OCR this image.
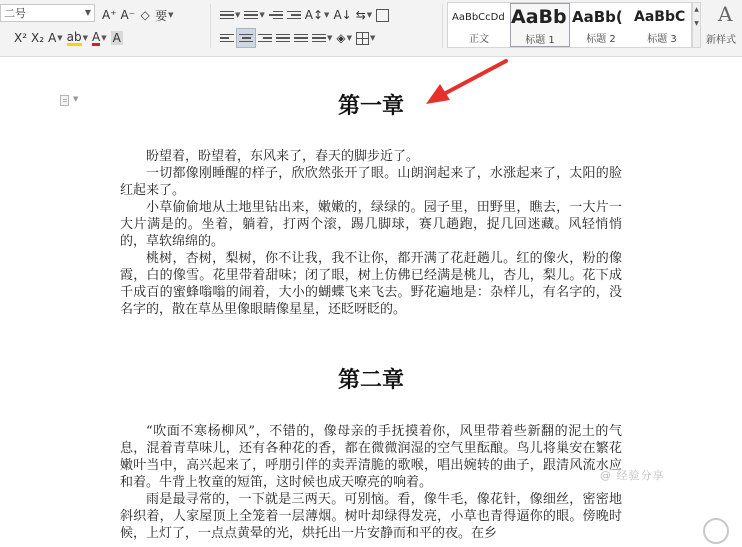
二号	▼ A⁺ A⁻ ◇ 要 ▼
X² X₂ A ▼ ab ▼ A ▼ A
▼	▼	A↕ ▼ A↓ ⇆ ▼
▼ ◈ ▼	▼
AaBbCcDd
正文
AaBb
标题 1
AaBb(
标题 2
AaBbC
标题 3
▲
▼ A
新样式
▼	第一章

盼望着，盼望着，东风来了，春天的脚步近了。

一切都像刚睡醒的样子，欣欣然张开了眼。山朗润起来了，水涨起来了，太阳的脸红起来了。

小草偷偷地从土地里钻出来，嫩嫩的，绿绿的。园子里，田野里，瞧去，一大片一大片满是的。坐着，躺着，打两个滚，踢几脚球，赛几趟跑，捉几回迷藏。风轻悄悄的，草软绵绵的。

桃树，杏树，梨树，你不让我，我不让你，都开满了花赶趟儿。红的像火，粉的像霞，白的像雪。花里带着甜味；闭了眼，树上仿佛已经满是桃儿，杏儿，梨儿。花下成千成百的蜜蜂嗡嗡的闹着，大小的蝴蝶飞来飞去。野花遍地是：杂样儿，有名字的，没名字的，散在草丛里像眼睛像星星，还眨呀眨的。

第二章

“吹面不寒杨柳风”，不错的，像母亲的手抚摸着你，风里带着些新翻的泥土的气息，混着青草味儿，还有各种花的香，都在微微润湿的空气里酝酿。鸟儿将巢安在繁花嫩叶当中，高兴起来了，呼朋引伴的卖弄清脆的歌喉，唱出婉转的曲子，跟清风流水应和着。牛背上牧童的短笛，这时候也成天嘹亮的响着。

雨是最寻常的，一下就是三两天。可别恼。看，像牛毛，像花针，像细丝，密密地斜织着，人家屋顶上全笼着一层薄烟。树叶却绿得发亮，小草也青得逼你的眼。傍晚时候，上灯了，一点点黄晕的光，烘托出一片安静而和平的夜。在乡

@ 经验分享
